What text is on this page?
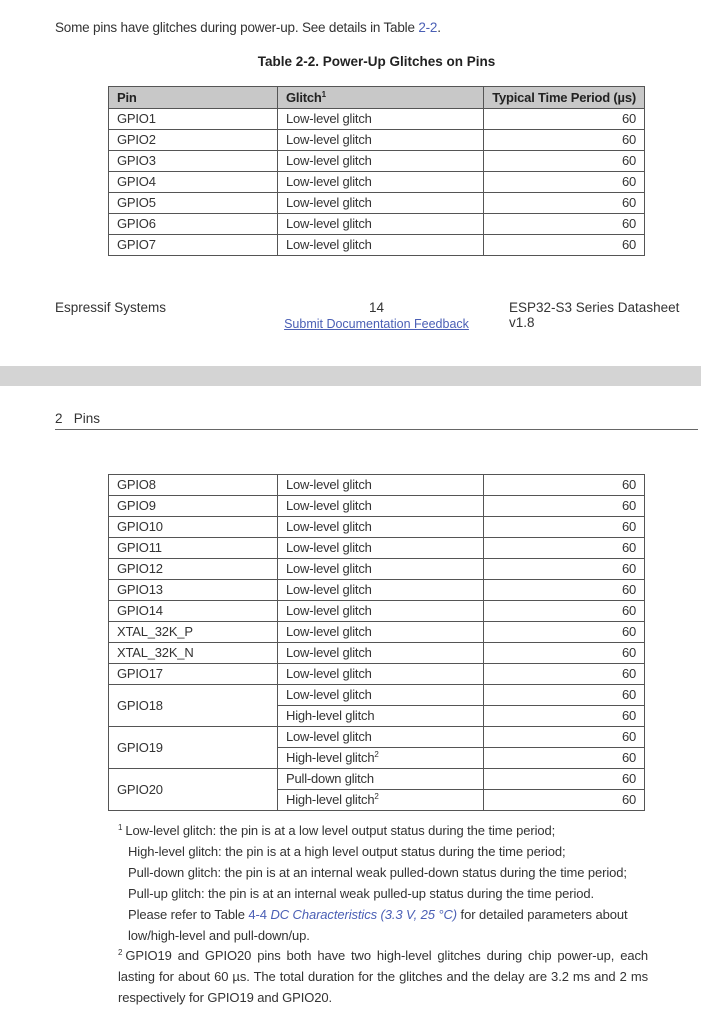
Some pins have glitches during power-up. See details in Table 2-2.
Table 2-2. Power-Up Glitches on Pins
Pin	Glitch$^1$	Typical Time Period (µs)
GPIO1	Low-level glitch	60
GPIO2	Low-level glitch	60
GPIO3	Low-level glitch	60
GPIO4	Low-level glitch	60
GPIO5	Low-level glitch	60
GPIO6	Low-level glitch	60
GPIO7	Low-level glitch	60
Espressif Systems	14	ESP32-S3 Series Datasheet v1.8
Submit Documentation Feedback
2   Pins
GPIO8	Low-level glitch	60
GPIO9	Low-level glitch	60
GPIO10	Low-level glitch	60
GPIO11	Low-level glitch	60
GPIO12	Low-level glitch	60
GPIO13	Low-level glitch	60
GPIO14	Low-level glitch	60
XTAL_32K_P	Low-level glitch	60
XTAL_32K_N	Low-level glitch	60
GPIO17	Low-level glitch	60
GPIO18	Low-level glitch	60
	High-level glitch	60
GPIO19	Low-level glitch	60
	High-level glitch$^2$	60
GPIO20	Pull-down glitch	60
	High-level glitch$^2$	60
$^1$ Low-level glitch: the pin is at a low level output status during the time period;
High-level glitch: the pin is at a high level output status during the time period;
Pull-down glitch: the pin is at an internal weak pulled-down status during the time period;
Pull-up glitch: the pin is at an internal weak pulled-up status during the time period.
Please refer to Table 4-4 DC Characteristics (3.3 V, 25 °C) for detailed parameters about low/high-level and pull-down/up.
$^2$ GPIO19 and GPIO20 pins both have two high-level glitches during chip power-up, each lasting for about 60 µs. The total duration for the glitches and the delay are 3.2 ms and 2 ms respectively for GPIO19 and GPIO20.
